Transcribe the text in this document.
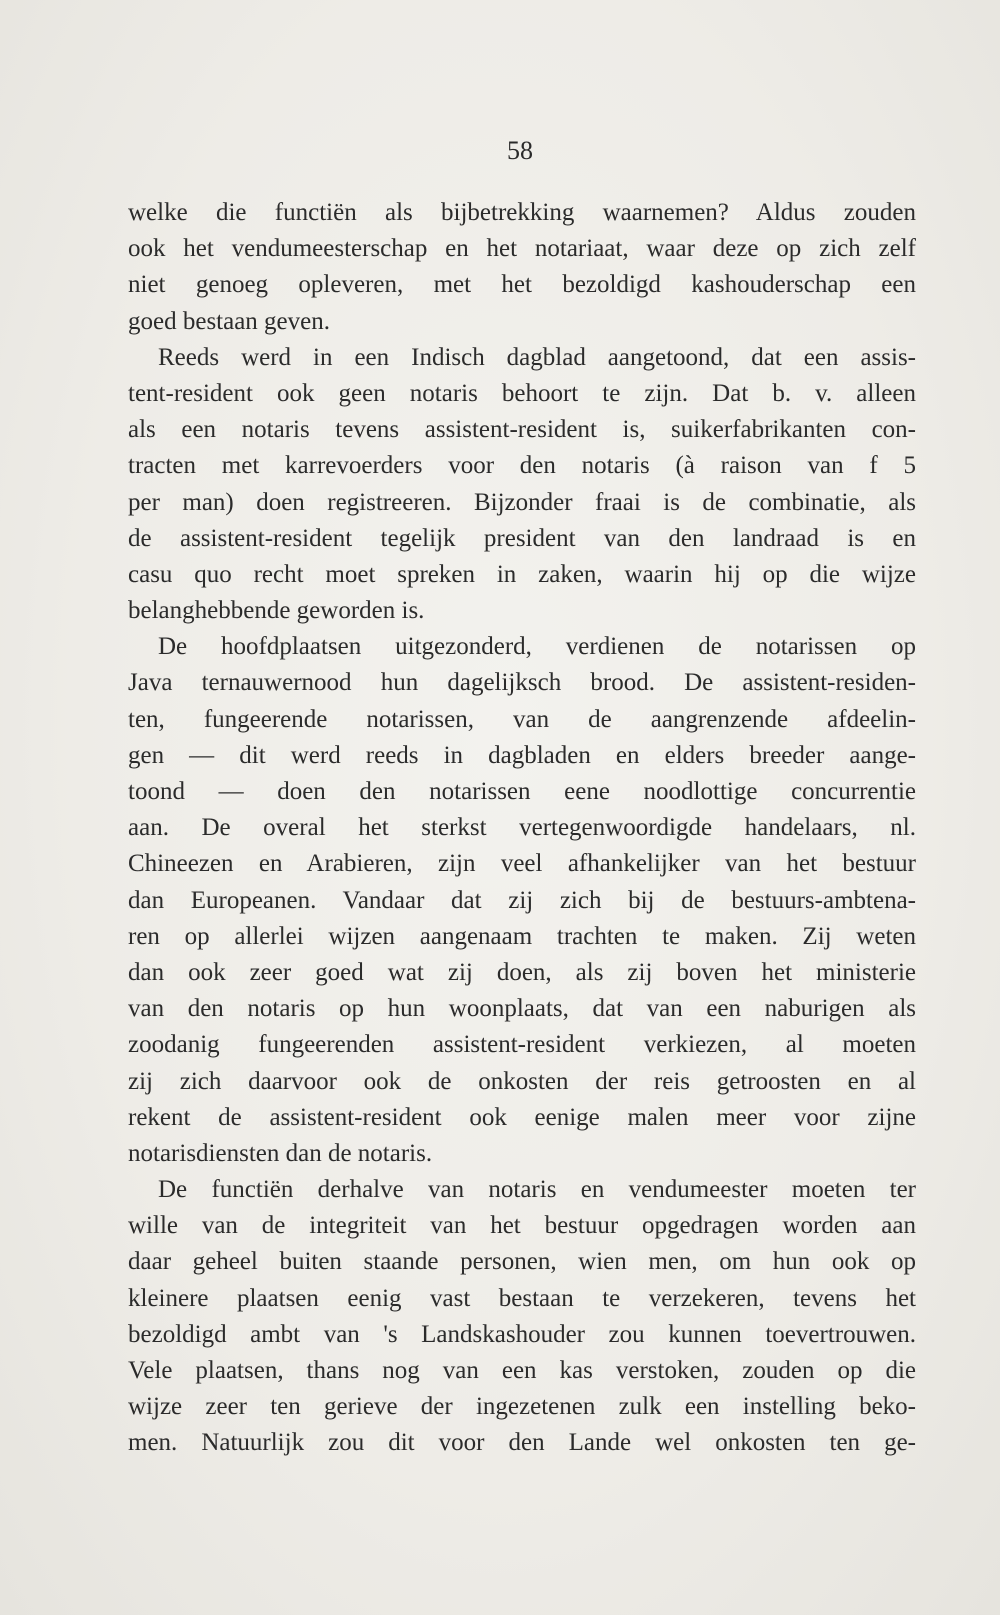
58
welke die functiën als bijbetrekking waarnemen? Aldus zouden
ook het vendumeesterschap en het notariaat, waar deze op zich zelf
niet genoeg opleveren, met het bezoldigd kashouderschap een
goed bestaan geven.
Reeds werd in een Indisch dagblad aangetoond, dat een assis-
tent-resident ook geen notaris behoort te zijn. Dat b. v. alleen
als een notaris tevens assistent-resident is, suikerfabrikanten con-
tracten met karrevoerders voor den notaris (à raison van f 5
per man) doen registreeren. Bijzonder fraai is de combinatie, als
de assistent-resident tegelijk president van den landraad is en
casu quo recht moet spreken in zaken, waarin hij op die wijze
belanghebbende geworden is.
De hoofdplaatsen uitgezonderd, verdienen de notarissen op
Java ternauwernood hun dagelijksch brood. De assistent-residen-
ten, fungeerende notarissen, van de aangrenzende afdeelin-
gen — dit werd reeds in dagbladen en elders breeder aange-
toond — doen den notarissen eene noodlottige concurrentie
aan. De overal het sterkst vertegenwoordigde handelaars, nl.
Chineezen en Arabieren, zijn veel afhankelijker van het bestuur
dan Europeanen. Vandaar dat zij zich bij de bestuurs-ambtena-
ren op allerlei wijzen aangenaam trachten te maken. Zij weten
dan ook zeer goed wat zij doen, als zij boven het ministerie
van den notaris op hun woonplaats, dat van een naburigen als
zoodanig fungeerenden assistent-resident verkiezen, al moeten
zij zich daarvoor ook de onkosten der reis getroosten en al
rekent de assistent-resident ook eenige malen meer voor zijne
notarisdiensten dan de notaris.
De functiën derhalve van notaris en vendumeester moeten ter
wille van de integriteit van het bestuur opgedragen worden aan
daar geheel buiten staande personen, wien men, om hun ook op
kleinere plaatsen eenig vast bestaan te verzekeren, tevens het
bezoldigd ambt van 's Landskashouder zou kunnen toevertrouwen.
Vele plaatsen, thans nog van een kas verstoken, zouden op die
wijze zeer ten gerieve der ingezetenen zulk een instelling beko-
men. Natuurlijk zou dit voor den Lande wel onkosten ten ge-
